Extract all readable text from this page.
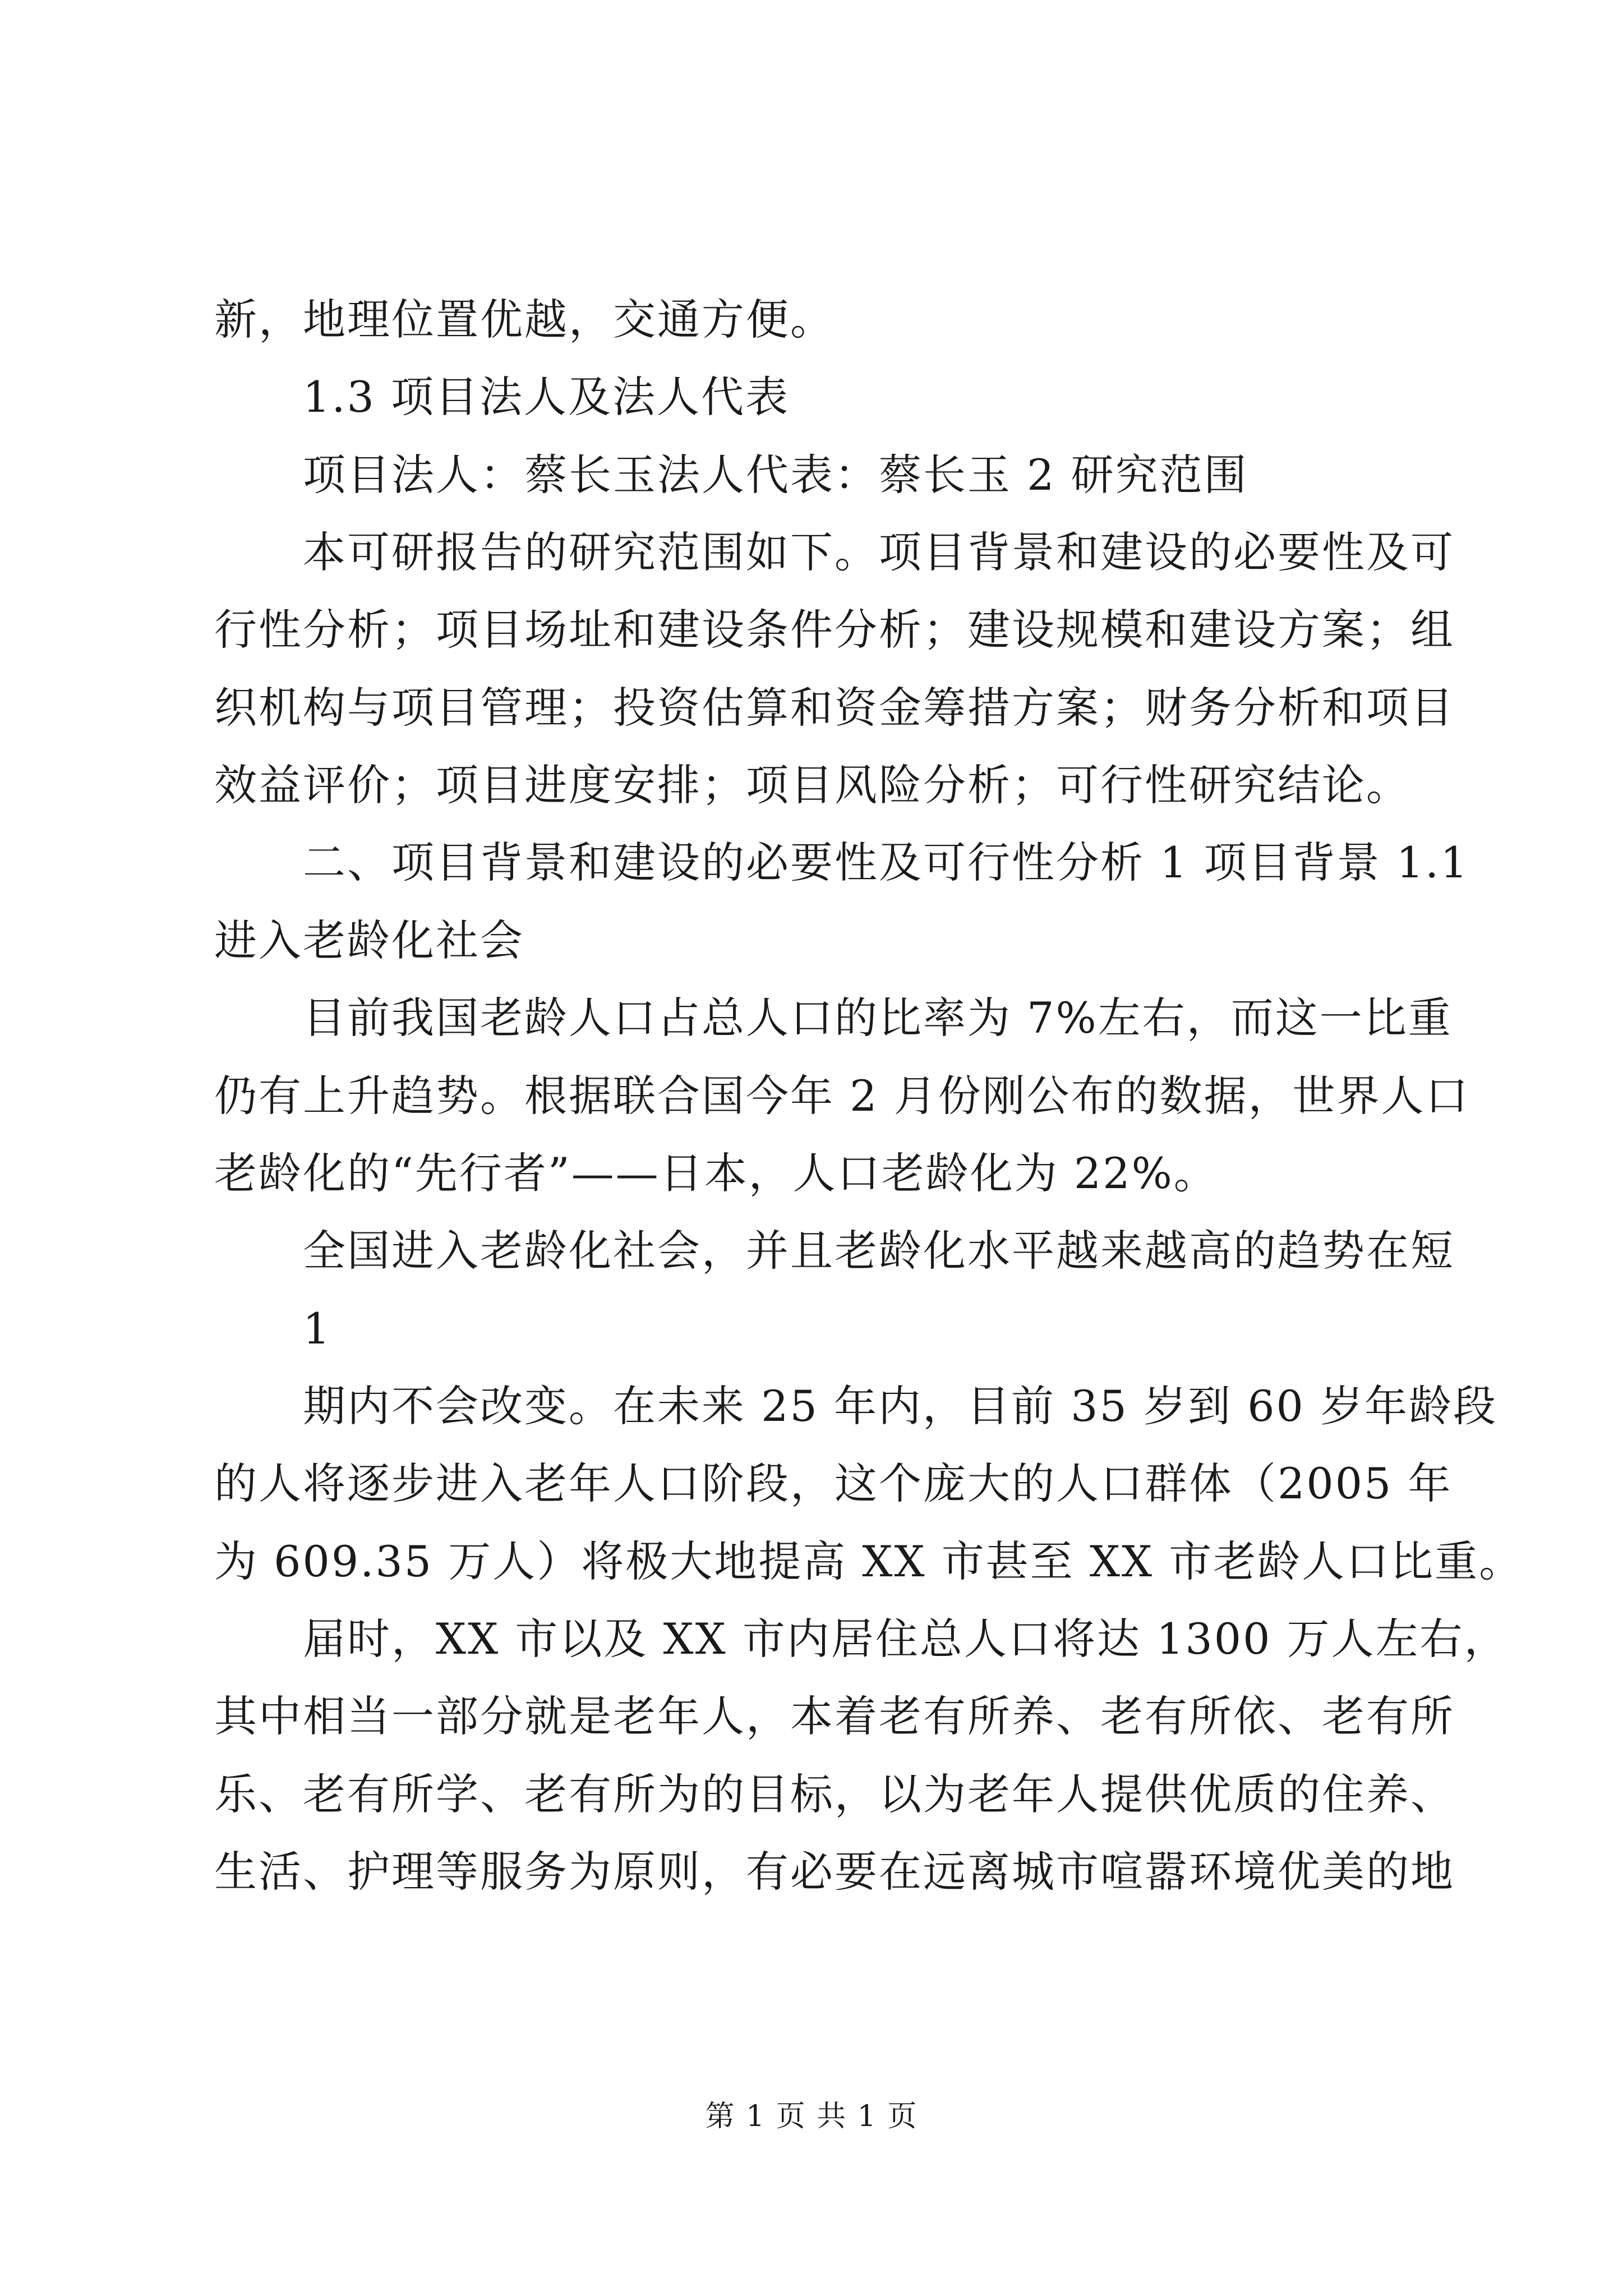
新，地理位置优越，交通方便。
1.3 项目法人及法人代表
项目法人：蔡长玉法人代表：蔡长玉 2 研究范围
本可研报告的研究范围如下。项目背景和建设的必要性及可
行性分析；项目场址和建设条件分析；建设规模和建设方案；组
织机构与项目管理；投资估算和资金筹措方案；财务分析和项目
效益评价；项目进度安排；项目风险分析；可行性研究结论。
二、项目背景和建设的必要性及可行性分析 1 项目背景 1.1
进入老龄化社会
目前我国老龄人口占总人口的比率为 7%左右，而这一比重
仍有上升趋势。根据联合国今年 2 月份刚公布的数据，世界人口
老龄化的“先行者”——日本，人口老龄化为 22%。
全国进入老龄化社会，并且老龄化水平越来越高的趋势在短
1
期内不会改变。在未来 25 年内，目前 35 岁到 60 岁年龄段
的人将逐步进入老年人口阶段，这个庞大的人口群体（2005 年
为 609.35 万人）将极大地提高 XX 市甚至 XX 市老龄人口比重。
届时，XX 市以及 XX 市内居住总人口将达 1300 万人左右，
其中相当一部分就是老年人，本着老有所养、老有所依、老有所
乐、老有所学、老有所为的目标，以为老年人提供优质的住养、
生活、护理等服务为原则，有必要在远离城市喧嚣环境优美的地
第 1 页 共 1 页
